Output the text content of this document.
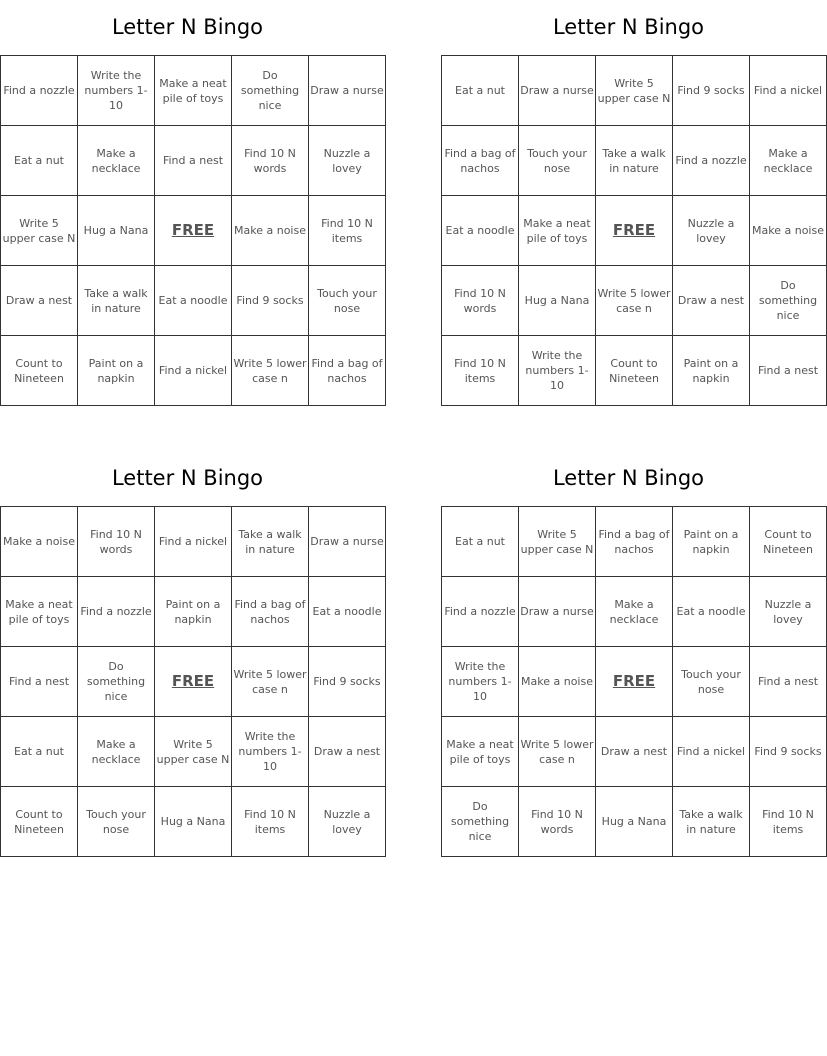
Letter N Bingo
Find a nozzle	Write the numbers 1-10	Make a neat pile of toys	Do something nice	Draw a nurse
Eat a nut	Make a necklace	Find a nest	Find 10 N words	Nuzzle a lovey
Write 5 upper case N	Hug a Nana	FREE	Make a noise	Find 10 N items
Draw a nest	Take a walk in nature	Eat a noodle	Find 9 socks	Touch your nose
Count to Nineteen	Paint on a napkin	Find a nickel	Write 5 lower case n	Find a bag of nachos
Letter N Bingo
Eat a nut	Draw a nurse	Write 5 upper case N	Find 9 socks	Find a nickel
Find a bag of nachos	Touch your nose	Take a walk in nature	Find a nozzle	Make a necklace
Eat a noodle	Make a neat pile of toys	FREE	Nuzzle a lovey	Make a noise
Find 10 N words	Hug a Nana	Write 5 lower case n	Draw a nest	Do something nice
Find 10 N items	Write the numbers 1-10	Count to Nineteen	Paint on a napkin	Find a nest
Letter N Bingo
Make a noise	Find 10 N words	Find a nickel	Take a walk in nature	Draw a nurse
Make a neat pile of toys	Find a nozzle	Paint on a napkin	Find a bag of nachos	Eat a noodle
Find a nest	Do something nice	FREE	Write 5 lower case n	Find 9 socks
Eat a nut	Make a necklace	Write 5 upper case N	Write the numbers 1-10	Draw a nest
Count to Nineteen	Touch your nose	Hug a Nana	Find 10 N items	Nuzzle a lovey
Letter N Bingo
Eat a nut	Write 5 upper case N	Find a bag of nachos	Paint on a napkin	Count to Nineteen
Find a nozzle	Draw a nurse	Make a necklace	Eat a noodle	Nuzzle a lovey
Write the numbers 1-10	Make a noise	FREE	Touch your nose	Find a nest
Make a neat pile of toys	Write 5 lower case n	Draw a nest	Find a nickel	Find 9 socks
Do something nice	Find 10 N words	Hug a Nana	Take a walk in nature	Find 10 N items
